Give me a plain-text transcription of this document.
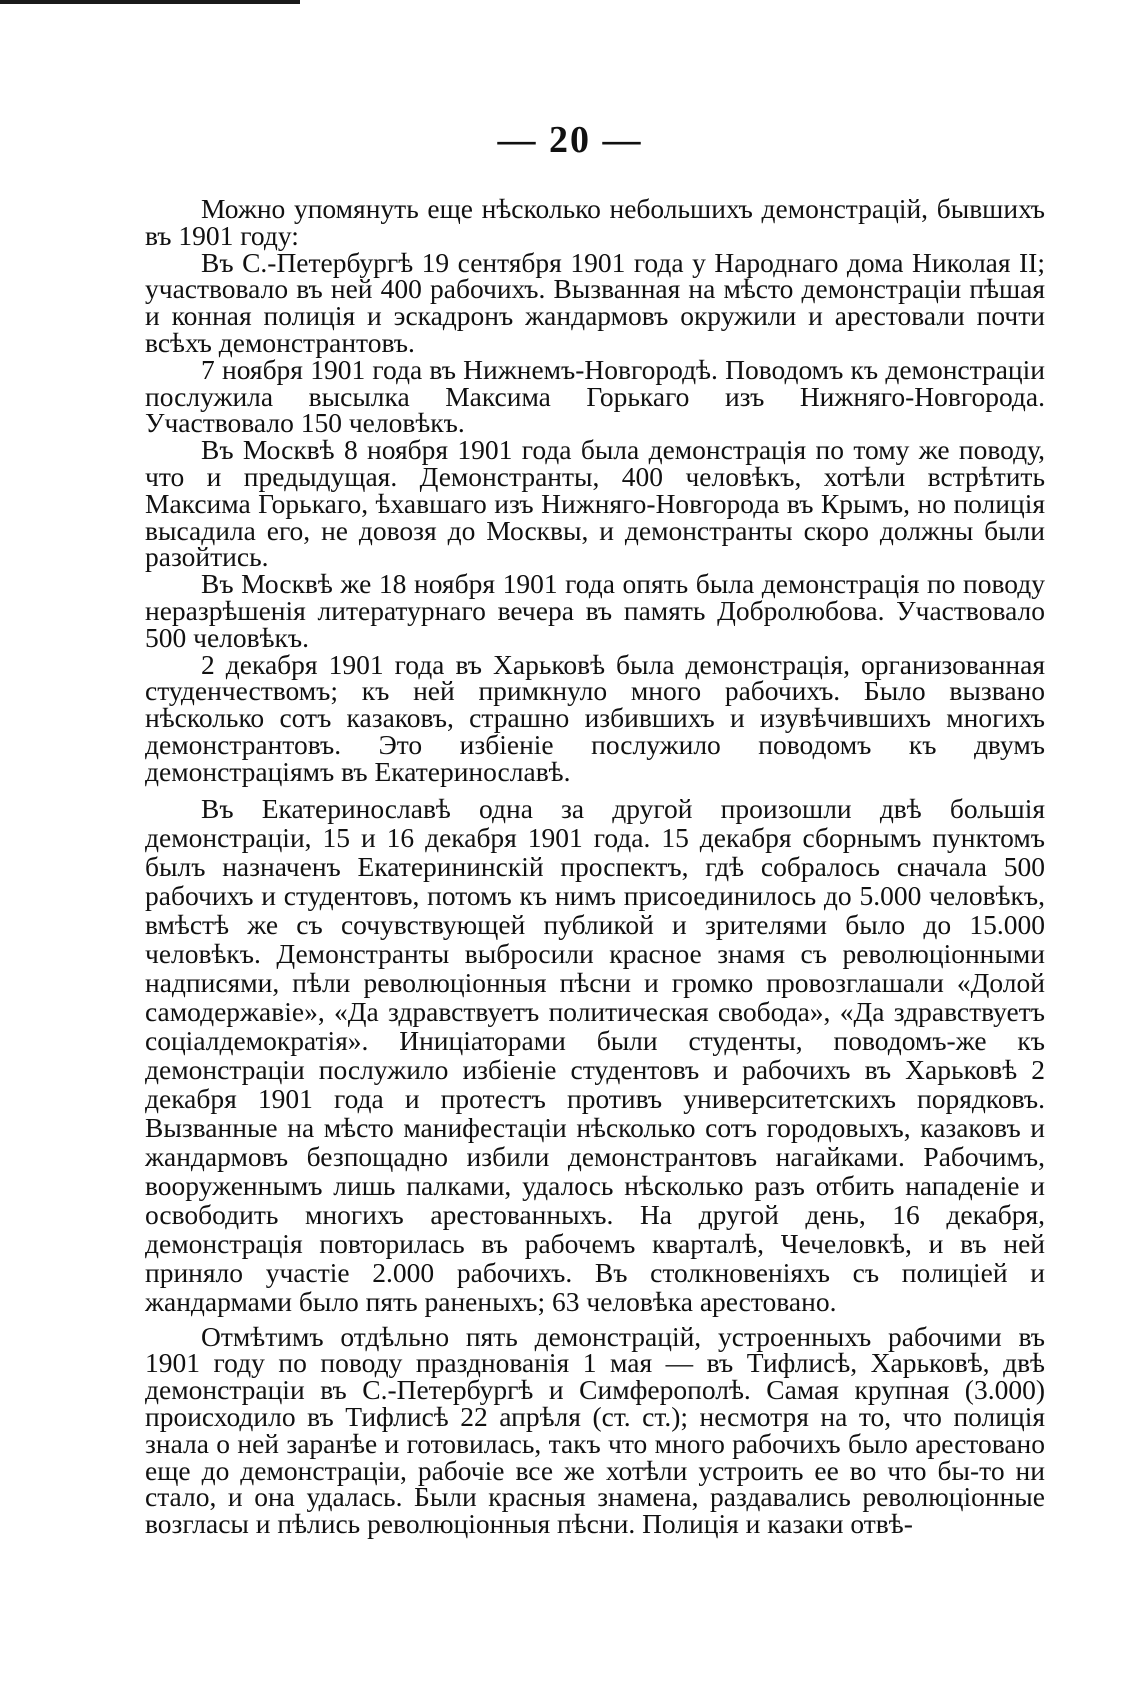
— 20 —

Можно упомянуть еще нѣсколько небольшихъ демонстрацій, бывшихъ въ 1901 году:

Въ С.-Петербургѣ 19 сентября 1901 года у Народнаго дома Николая II; участвовало въ ней 400 рабочихъ. Вызванная на мѣсто демонстраціи пѣшая и конная полиція и эскадронъ жандармовъ окружили и арестовали почти всѣхъ демонстрантовъ.

7 ноября 1901 года въ Нижнемъ-Новгородѣ. Поводомъ къ демонстраціи послужила высылка Максима Горькаго изъ Нижняго-Новгорода. Участвовало 150 человѣкъ.

Въ Москвѣ 8 ноября 1901 года была демонстрація по тому же поводу, что и предыдущая. Демонстранты, 400 человѣкъ, хотѣли встрѣтить Максима Горькаго, ѣхавшаго изъ Нижняго-Новгорода въ Крымъ, но полиція высадила его, не довозя до Москвы, и демонстранты скоро должны были разойтись.

Въ Москвѣ же 18 ноября 1901 года опять была демонстрація по поводу неразрѣшенія литературнаго вечера въ память Добролюбова. Участвовало 500 человѣкъ.

2 декабря 1901 года въ Харьковѣ была демонстрація, организованная студенчествомъ; къ ней примкнуло много рабочихъ. Было вызвано нѣсколько сотъ казаковъ, страшно избившихъ и изувѣчившихъ многихъ демонстрантовъ. Это избіеніе послужило поводомъ къ двумъ демонстраціямъ въ Екатеринославѣ.

Въ Екатеринославѣ одна за другой произошли двѣ большія демонстраціи, 15 и 16 декабря 1901 года. 15 декабря сборнымъ пунктомъ былъ назначенъ Екатерининскій проспектъ, гдѣ собралось сначала 500 рабочихъ и студентовъ, потомъ къ нимъ присоединилось до 5.000 человѣкъ, вмѣстѣ же съ сочувствующей публикой и зрителями было до 15.000 человѣкъ. Демонстранты выбросили красное знамя съ революціонными надписями, пѣли революціонныя пѣсни и громко провозглашали «Долой самодержавіе», «Да здравствуетъ политическая свобода», «Да здравствуетъ соціалдемократія». Иниціаторами были студенты, поводомъ-же къ демонстраціи послужило избіеніе студентовъ и рабочихъ въ Харьковѣ 2 декабря 1901 года и протестъ противъ университетскихъ порядковъ. Вызванные на мѣсто манифестаціи нѣсколько сотъ городовыхъ, казаковъ и жандармовъ безпощадно избили демонстрантовъ нагайками. Рабочимъ, вооруженнымъ лишь палками, удалось нѣсколько разъ отбить нападеніе и освободить многихъ арестованныхъ. На другой день, 16 декабря, демонстрація повторилась въ рабочемъ кварталѣ, Чечеловкѣ, и въ ней приняло участіе 2.000 рабочихъ. Въ столкновеніяхъ съ полиціей и жандармами было пять раненыхъ; 63 человѣка арестовано.

Отмѣтимъ отдѣльно пять демонстрацій, устроенныхъ рабочими въ 1901 году по поводу празднованія 1 мая — въ Тифлисѣ, Харьковѣ, двѣ демонстраціи въ С.-Петербургѣ и Симферополѣ. Самая крупная (3.000) происходило въ Тифлисѣ 22 апрѣля (ст. ст.); несмотря на то, что полиція знала о ней заранѣе и готовилась, такъ что много рабочихъ было арестовано еще до демонстраціи, рабочіе все же хотѣли устроить ее во что бы-то ни стало, и она удалась. Были красныя знамена, раздавались революціонные возгласы и пѣлись революціонныя пѣсни. Полиція и казаки отвѣ-
